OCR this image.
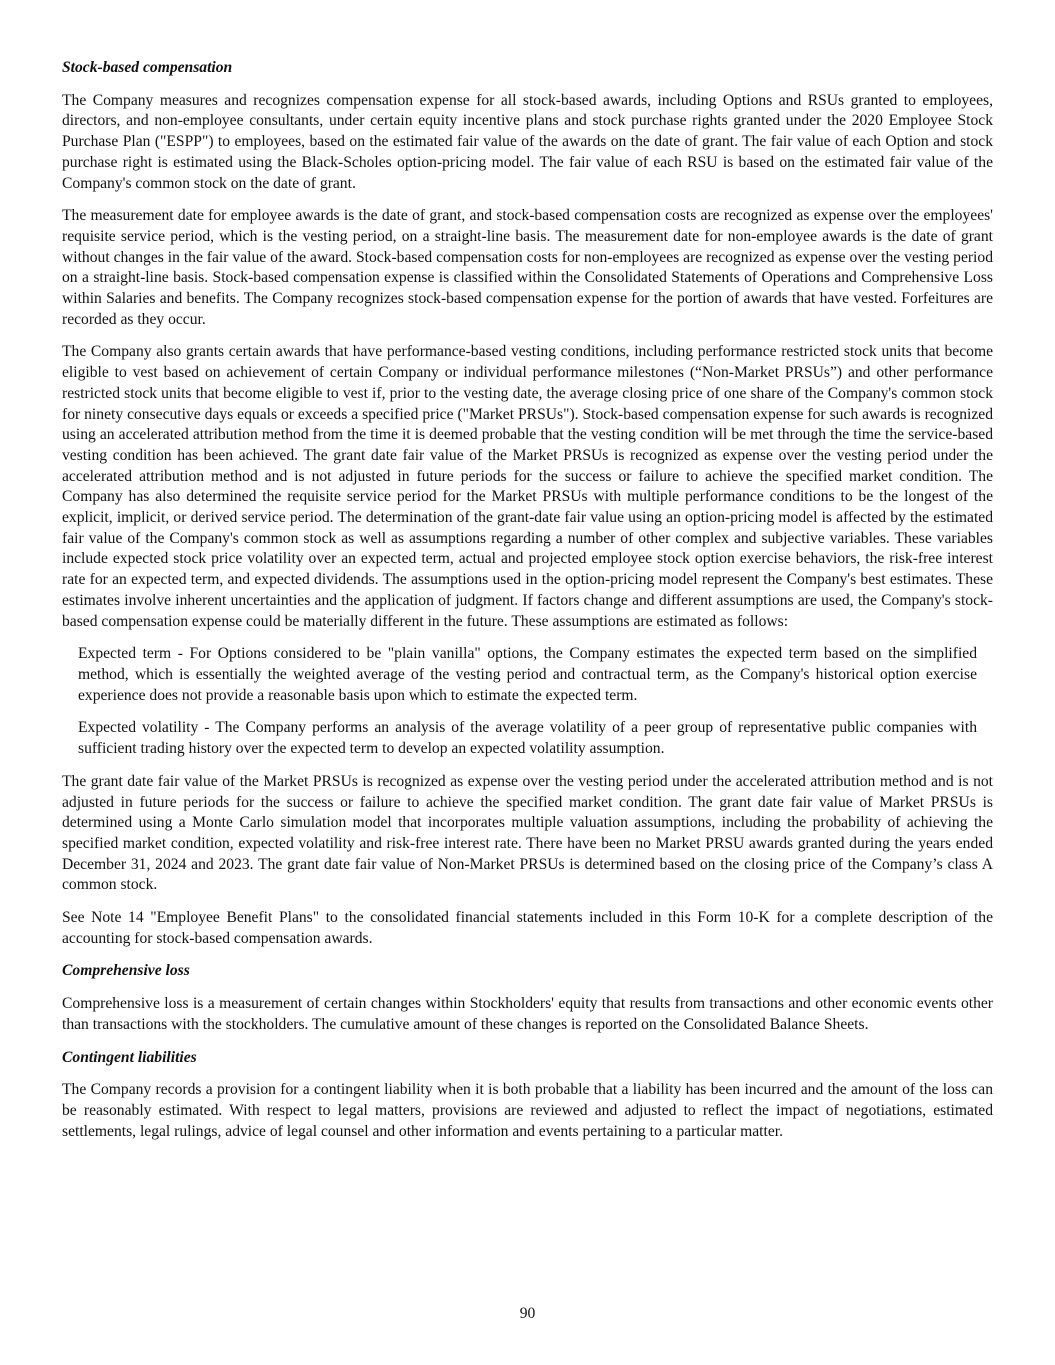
Stock-based compensation

The Company measures and recognizes compensation expense for all stock-based awards, including Options and RSUs granted to employees, directors, and non-employee consultants, under certain equity incentive plans and stock purchase rights granted under the 2020 Employee Stock Purchase Plan ("ESPP") to employees, based on the estimated fair value of the awards on the date of grant. The fair value of each Option and stock purchase right is estimated using the Black-Scholes option-pricing model. The fair value of each RSU is based on the estimated fair value of the Company's common stock on the date of grant.

The measurement date for employee awards is the date of grant, and stock-based compensation costs are recognized as expense over the employees' requisite service period, which is the vesting period, on a straight-line basis. The measurement date for non-employee awards is the date of grant without changes in the fair value of the award. Stock-based compensation costs for non-employees are recognized as expense over the vesting period on a straight-line basis. Stock-based compensation expense is classified within the Consolidated Statements of Operations and Comprehensive Loss within Salaries and benefits. The Company recognizes stock-based compensation expense for the portion of awards that have vested. Forfeitures are recorded as they occur.

The Company also grants certain awards that have performance-based vesting conditions, including performance restricted stock units that become eligible to vest based on achievement of certain Company or individual performance milestones (“Non-Market PRSUs”) and other performance restricted stock units that become eligible to vest if, prior to the vesting date, the average closing price of one share of the Company's common stock for ninety consecutive days equals or exceeds a specified price ("Market PRSUs"). Stock-based compensation expense for such awards is recognized using an accelerated attribution method from the time it is deemed probable that the vesting condition will be met through the time the service-based vesting condition has been achieved. The grant date fair value of the Market PRSUs is recognized as expense over the vesting period under the accelerated attribution method and is not adjusted in future periods for the success or failure to achieve the specified market condition. The Company has also determined the requisite service period for the Market PRSUs with multiple performance conditions to be the longest of the explicit, implicit, or derived service period. The determination of the grant-date fair value using an option-pricing model is affected by the estimated fair value of the Company's common stock as well as assumptions regarding a number of other complex and subjective variables. These variables include expected stock price volatility over an expected term, actual and projected employee stock option exercise behaviors, the risk-free interest rate for an expected term, and expected dividends. The assumptions used in the option-pricing model represent the Company's best estimates. These estimates involve inherent uncertainties and the application of judgment. If factors change and different assumptions are used, the Company's stock-based compensation expense could be materially different in the future. These assumptions are estimated as follows:

Expected term - For Options considered to be "plain vanilla" options, the Company estimates the expected term based on the simplified method, which is essentially the weighted average of the vesting period and contractual term, as the Company's historical option exercise experience does not provide a reasonable basis upon which to estimate the expected term.

Expected volatility - The Company performs an analysis of the average volatility of a peer group of representative public companies with sufficient trading history over the expected term to develop an expected volatility assumption.

The grant date fair value of the Market PRSUs is recognized as expense over the vesting period under the accelerated attribution method and is not adjusted in future periods for the success or failure to achieve the specified market condition. The grant date fair value of Market PRSUs is determined using a Monte Carlo simulation model that incorporates multiple valuation assumptions, including the probability of achieving the specified market condition, expected volatility and risk-free interest rate. There have been no Market PRSU awards granted during the years ended December 31, 2024 and 2023. The grant date fair value of Non-Market PRSUs is determined based on the closing price of the Company’s class A common stock.

See Note 14 "Employee Benefit Plans" to the consolidated financial statements included in this Form 10-K for a complete description of the accounting for stock-based compensation awards.

Comprehensive loss

Comprehensive loss is a measurement of certain changes within Stockholders' equity that results from transactions and other economic events other than transactions with the stockholders. The cumulative amount of these changes is reported on the Consolidated Balance Sheets.

Contingent liabilities

The Company records a provision for a contingent liability when it is both probable that a liability has been incurred and the amount of the loss can be reasonably estimated. With respect to legal matters, provisions are reviewed and adjusted to reflect the impact of negotiations, estimated settlements, legal rulings, advice of legal counsel and other information and events pertaining to a particular matter.

90
